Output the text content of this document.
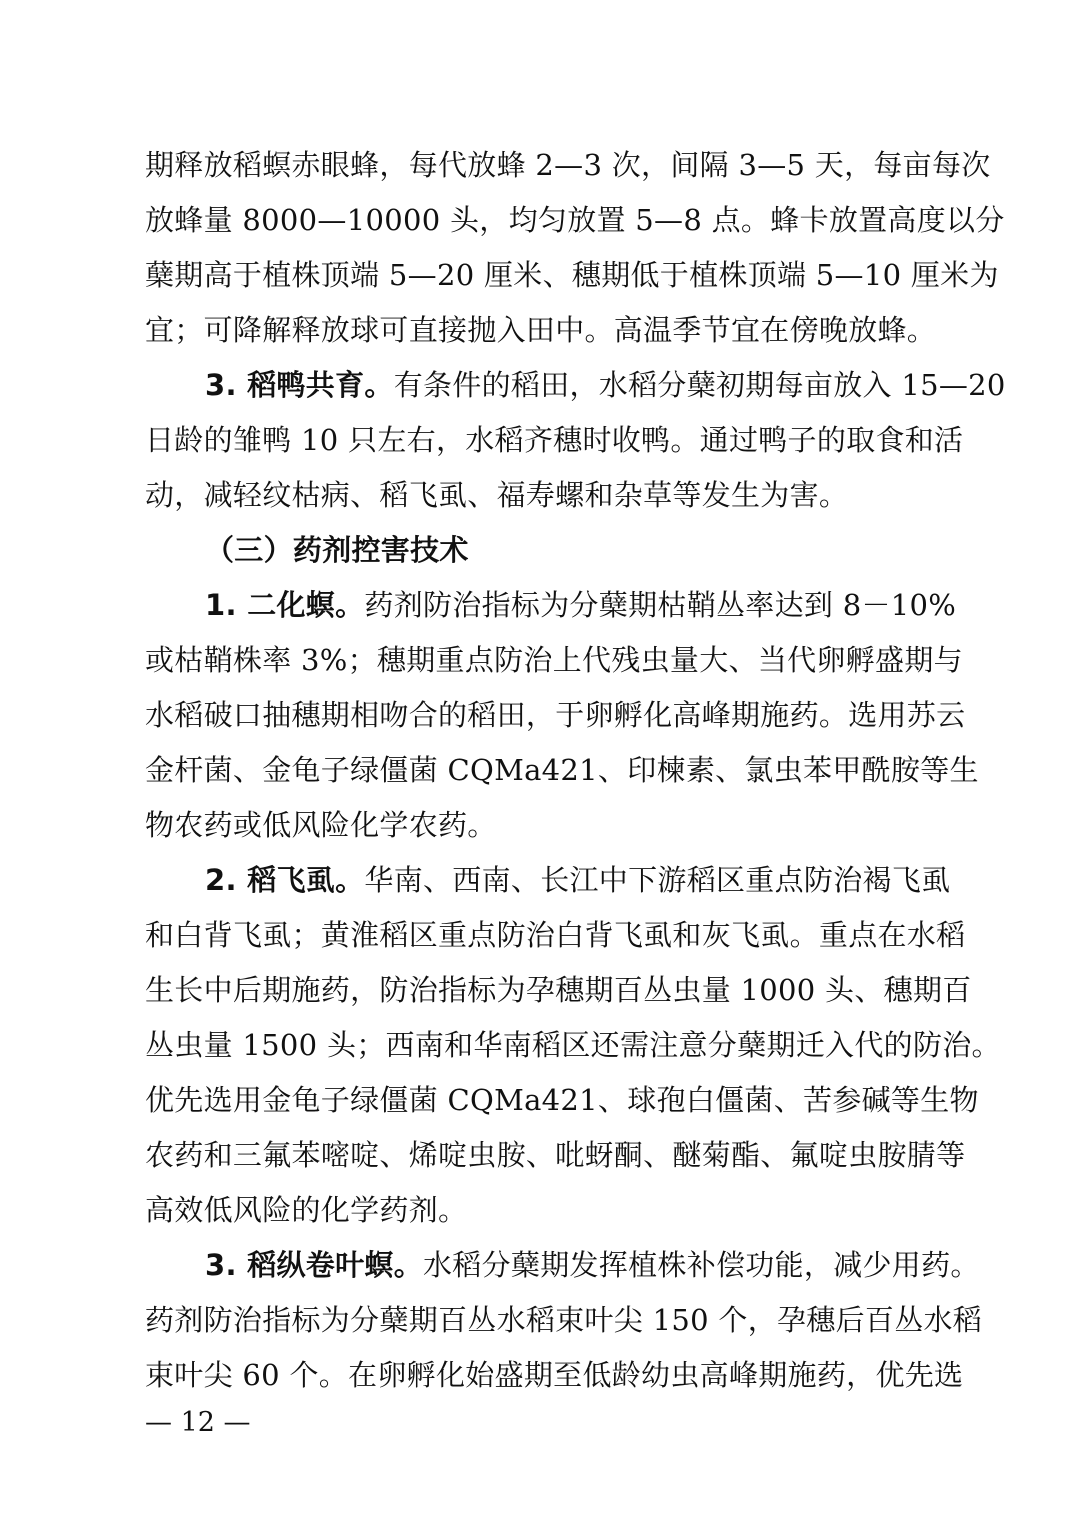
期释放稻螟赤眼蜂，每代放蜂 2—3 次，间隔 3—5 天，每亩每次
放蜂量 8000—10000 头，均匀放置 5—8 点。蜂卡放置高度以分
蘖期高于植株顶端 5—20 厘米、穗期低于植株顶端 5—10 厘米为
宜；可降解释放球可直接抛入田中。高温季节宜在傍晚放蜂。
3. 稻鸭共育。有条件的稻田，水稻分蘖初期每亩放入 15—20
日龄的雏鸭 10 只左右，水稻齐穗时收鸭。通过鸭子的取食和活
动，减轻纹枯病、稻飞虱、福寿螺和杂草等发生为害。
（三）药剂控害技术
1. 二化螟。药剂防治指标为分蘖期枯鞘丛率达到 8－10%
或枯鞘株率 3%；穗期重点防治上代残虫量大、当代卵孵盛期与
水稻破口抽穗期相吻合的稻田，于卵孵化高峰期施药。选用苏云
金杆菌、金龟子绿僵菌 CQMa421、印楝素、氯虫苯甲酰胺等生
物农药或低风险化学农药。
2. 稻飞虱。华南、西南、长江中下游稻区重点防治褐飞虱
和白背飞虱；黄淮稻区重点防治白背飞虱和灰飞虱。重点在水稻
生长中后期施药，防治指标为孕穗期百丛虫量 1000 头、穗期百
丛虫量 1500 头；西南和华南稻区还需注意分蘖期迁入代的防治。
优先选用金龟子绿僵菌 CQMa421、球孢白僵菌、苦参碱等生物
农药和三氟苯嘧啶、烯啶虫胺、吡蚜酮、醚菊酯、氟啶虫胺腈等
高效低风险的化学药剂。
3. 稻纵卷叶螟。水稻分蘖期发挥植株补偿功能，减少用药。
药剂防治指标为分蘖期百丛水稻束叶尖 150 个，孕穗后百丛水稻
束叶尖 60 个。在卵孵化始盛期至低龄幼虫高峰期施药，优先选
— 12 —
